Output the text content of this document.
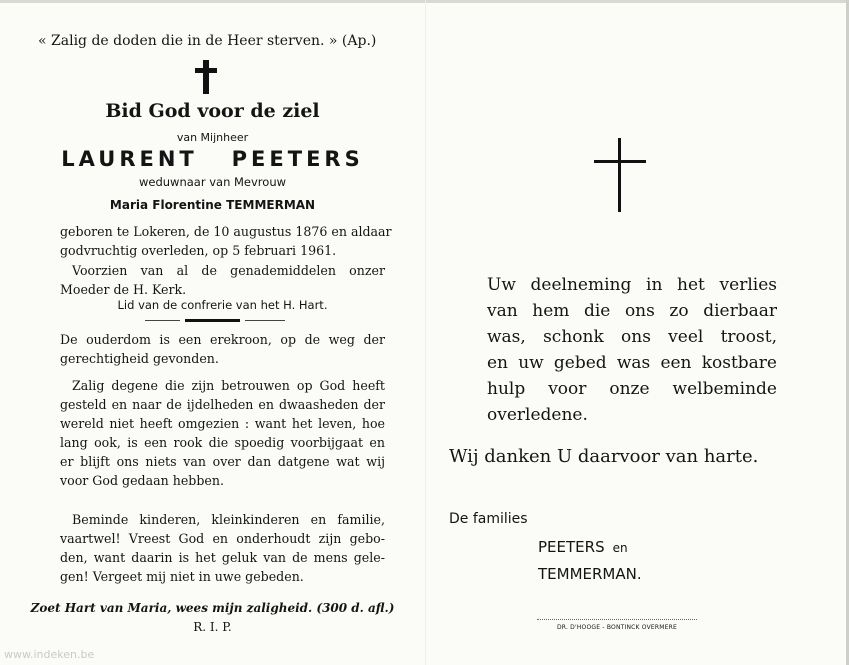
« Zalig de doden die in de Heer sterven. » (Ap.)
Bid God voor de ziel
van Mijnheer
LAURENT   PEETERS
weduwnaar van Mevrouw
Maria Florentine TEMMERMAN
geboren te Lokeren, de 10 augustus 1876 en aldaar
godvruchtig overleden, op 5 februari 1961.
Voorzien van al de genademiddelen onzer
Moeder de H. Kerk.
Lid van de confrerie van het H. Hart.
De ouderdom is een erekroon, op de weg der
gerechtigheid gevonden.
Zalig degene die zijn betrouwen op God heeft
gesteld en naar de ijdelheden en dwaasheden der
wereld niet heeft omgezien : want het leven, hoe
lang ook, is een rook die spoedig voorbijgaat en
er blijft ons niets van over dan datgene wat wij
voor God gedaan hebben.
Beminde kinderen, kleinkinderen en familie,
vaartwel! Vreest God en onderhoudt zijn gebo-
den, want daarin is het geluk van de mens gele-
gen! Vergeet mij niet in uwe gebeden.
Zoet Hart van Maria, wees mijn zaligheid. (300 d. afl.)
R. I. P.
Uw deelneming in het verlies
van hem die ons zo dierbaar
was, schonk ons veel troost,
en uw gebed was een kostbare
hulp voor onze welbeminde
overledene.
Wij danken U daarvoor van harte.
De families
PEETERS en
TEMMERMAN.
DR. D'HOOGE - BONTINCK OVERMERE
www.indeken.be
